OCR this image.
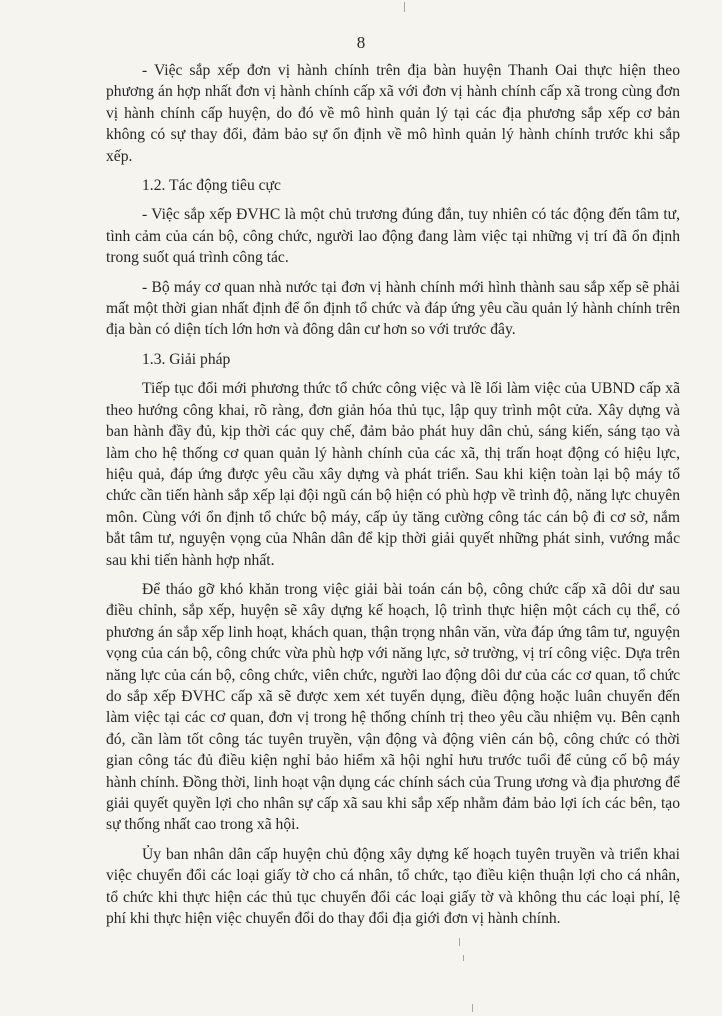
8

- Việc sắp xếp đơn vị hành chính trên địa bàn huyện Thanh Oai thực hiện theo phương án hợp nhất đơn vị hành chính cấp xã với đơn vị hành chính cấp xã trong cùng đơn vị hành chính cấp huyện, do đó về mô hình quản lý tại các địa phương sắp xếp cơ bản không có sự thay đổi, đảm bảo sự ổn định về mô hình quản lý hành chính trước khi sắp xếp.

1.2. Tác động tiêu cực

- Việc sắp xếp ĐVHC là một chủ trương đúng đắn, tuy nhiên có tác động đến tâm tư, tình cảm của cán bộ, công chức, người lao động đang làm việc tại những vị trí đã ổn định trong suốt quá trình công tác.

- Bộ máy cơ quan nhà nước tại đơn vị hành chính mới hình thành sau sắp xếp sẽ phải mất một thời gian nhất định để ổn định tổ chức và đáp ứng yêu cầu quản lý hành chính trên địa bàn có diện tích lớn hơn và đông dân cư hơn so với trước đây.

1.3. Giải pháp

Tiếp tục đổi mới phương thức tổ chức công việc và lề lối làm việc của UBND cấp xã theo hướng công khai, rõ ràng, đơn giản hóa thủ tục, lập quy trình một cửa. Xây dựng và ban hành đầy đủ, kịp thời các quy chế, đảm bảo phát huy dân chủ, sáng kiến, sáng tạo và làm cho hệ thống cơ quan quản lý hành chính của các xã, thị trấn hoạt động có hiệu lực, hiệu quả, đáp ứng được yêu cầu xây dựng và phát triển. Sau khi kiện toàn lại bộ máy tổ chức cần tiến hành sắp xếp lại đội ngũ cán bộ hiện có phù hợp về trình độ, năng lực chuyên môn. Cùng với ổn định tổ chức bộ máy, cấp ủy tăng cường công tác cán bộ đi cơ sở, nắm bắt tâm tư, nguyện vọng của Nhân dân để kịp thời giải quyết những phát sinh, vướng mắc sau khi tiến hành hợp nhất.

Để tháo gỡ khó khăn trong việc giải bài toán cán bộ, công chức cấp xã dôi dư sau điều chỉnh, sắp xếp, huyện sẽ xây dựng kế hoạch, lộ trình thực hiện một cách cụ thể, có phương án sắp xếp linh hoạt, khách quan, thận trọng nhân văn, vừa đáp ứng tâm tư, nguyện vọng của cán bộ, công chức vừa phù hợp với năng lực, sở trường, vị trí công việc. Dựa trên năng lực của cán bộ, công chức, viên chức, người lao động dôi dư của các cơ quan, tổ chức do sắp xếp ĐVHC cấp xã sẽ được xem xét tuyển dụng, điều động hoặc luân chuyển đến làm việc tại các cơ quan, đơn vị trong hệ thống chính trị theo yêu cầu nhiệm vụ. Bên cạnh đó, cần làm tốt công tác tuyên truyền, vận động và động viên cán bộ, công chức có thời gian công tác đủ điều kiện nghỉ bảo hiểm xã hội nghỉ hưu trước tuổi để củng cố bộ máy hành chính. Đồng thời, linh hoạt vận dụng các chính sách của Trung ương và địa phương để giải quyết quyền lợi cho nhân sự cấp xã sau khi sắp xếp nhằm đảm bảo lợi ích các bên, tạo sự thống nhất cao trong xã hội.

Ủy ban nhân dân cấp huyện chủ động xây dựng kế hoạch tuyên truyền và triển khai việc chuyển đổi các loại giấy tờ cho cá nhân, tổ chức, tạo điều kiện thuận lợi cho cá nhân, tổ chức khi thực hiện các thủ tục chuyển đổi các loại giấy tờ và không thu các loại phí, lệ phí khi thực hiện việc chuyển đổi do thay đổi địa giới đơn vị hành chính.
